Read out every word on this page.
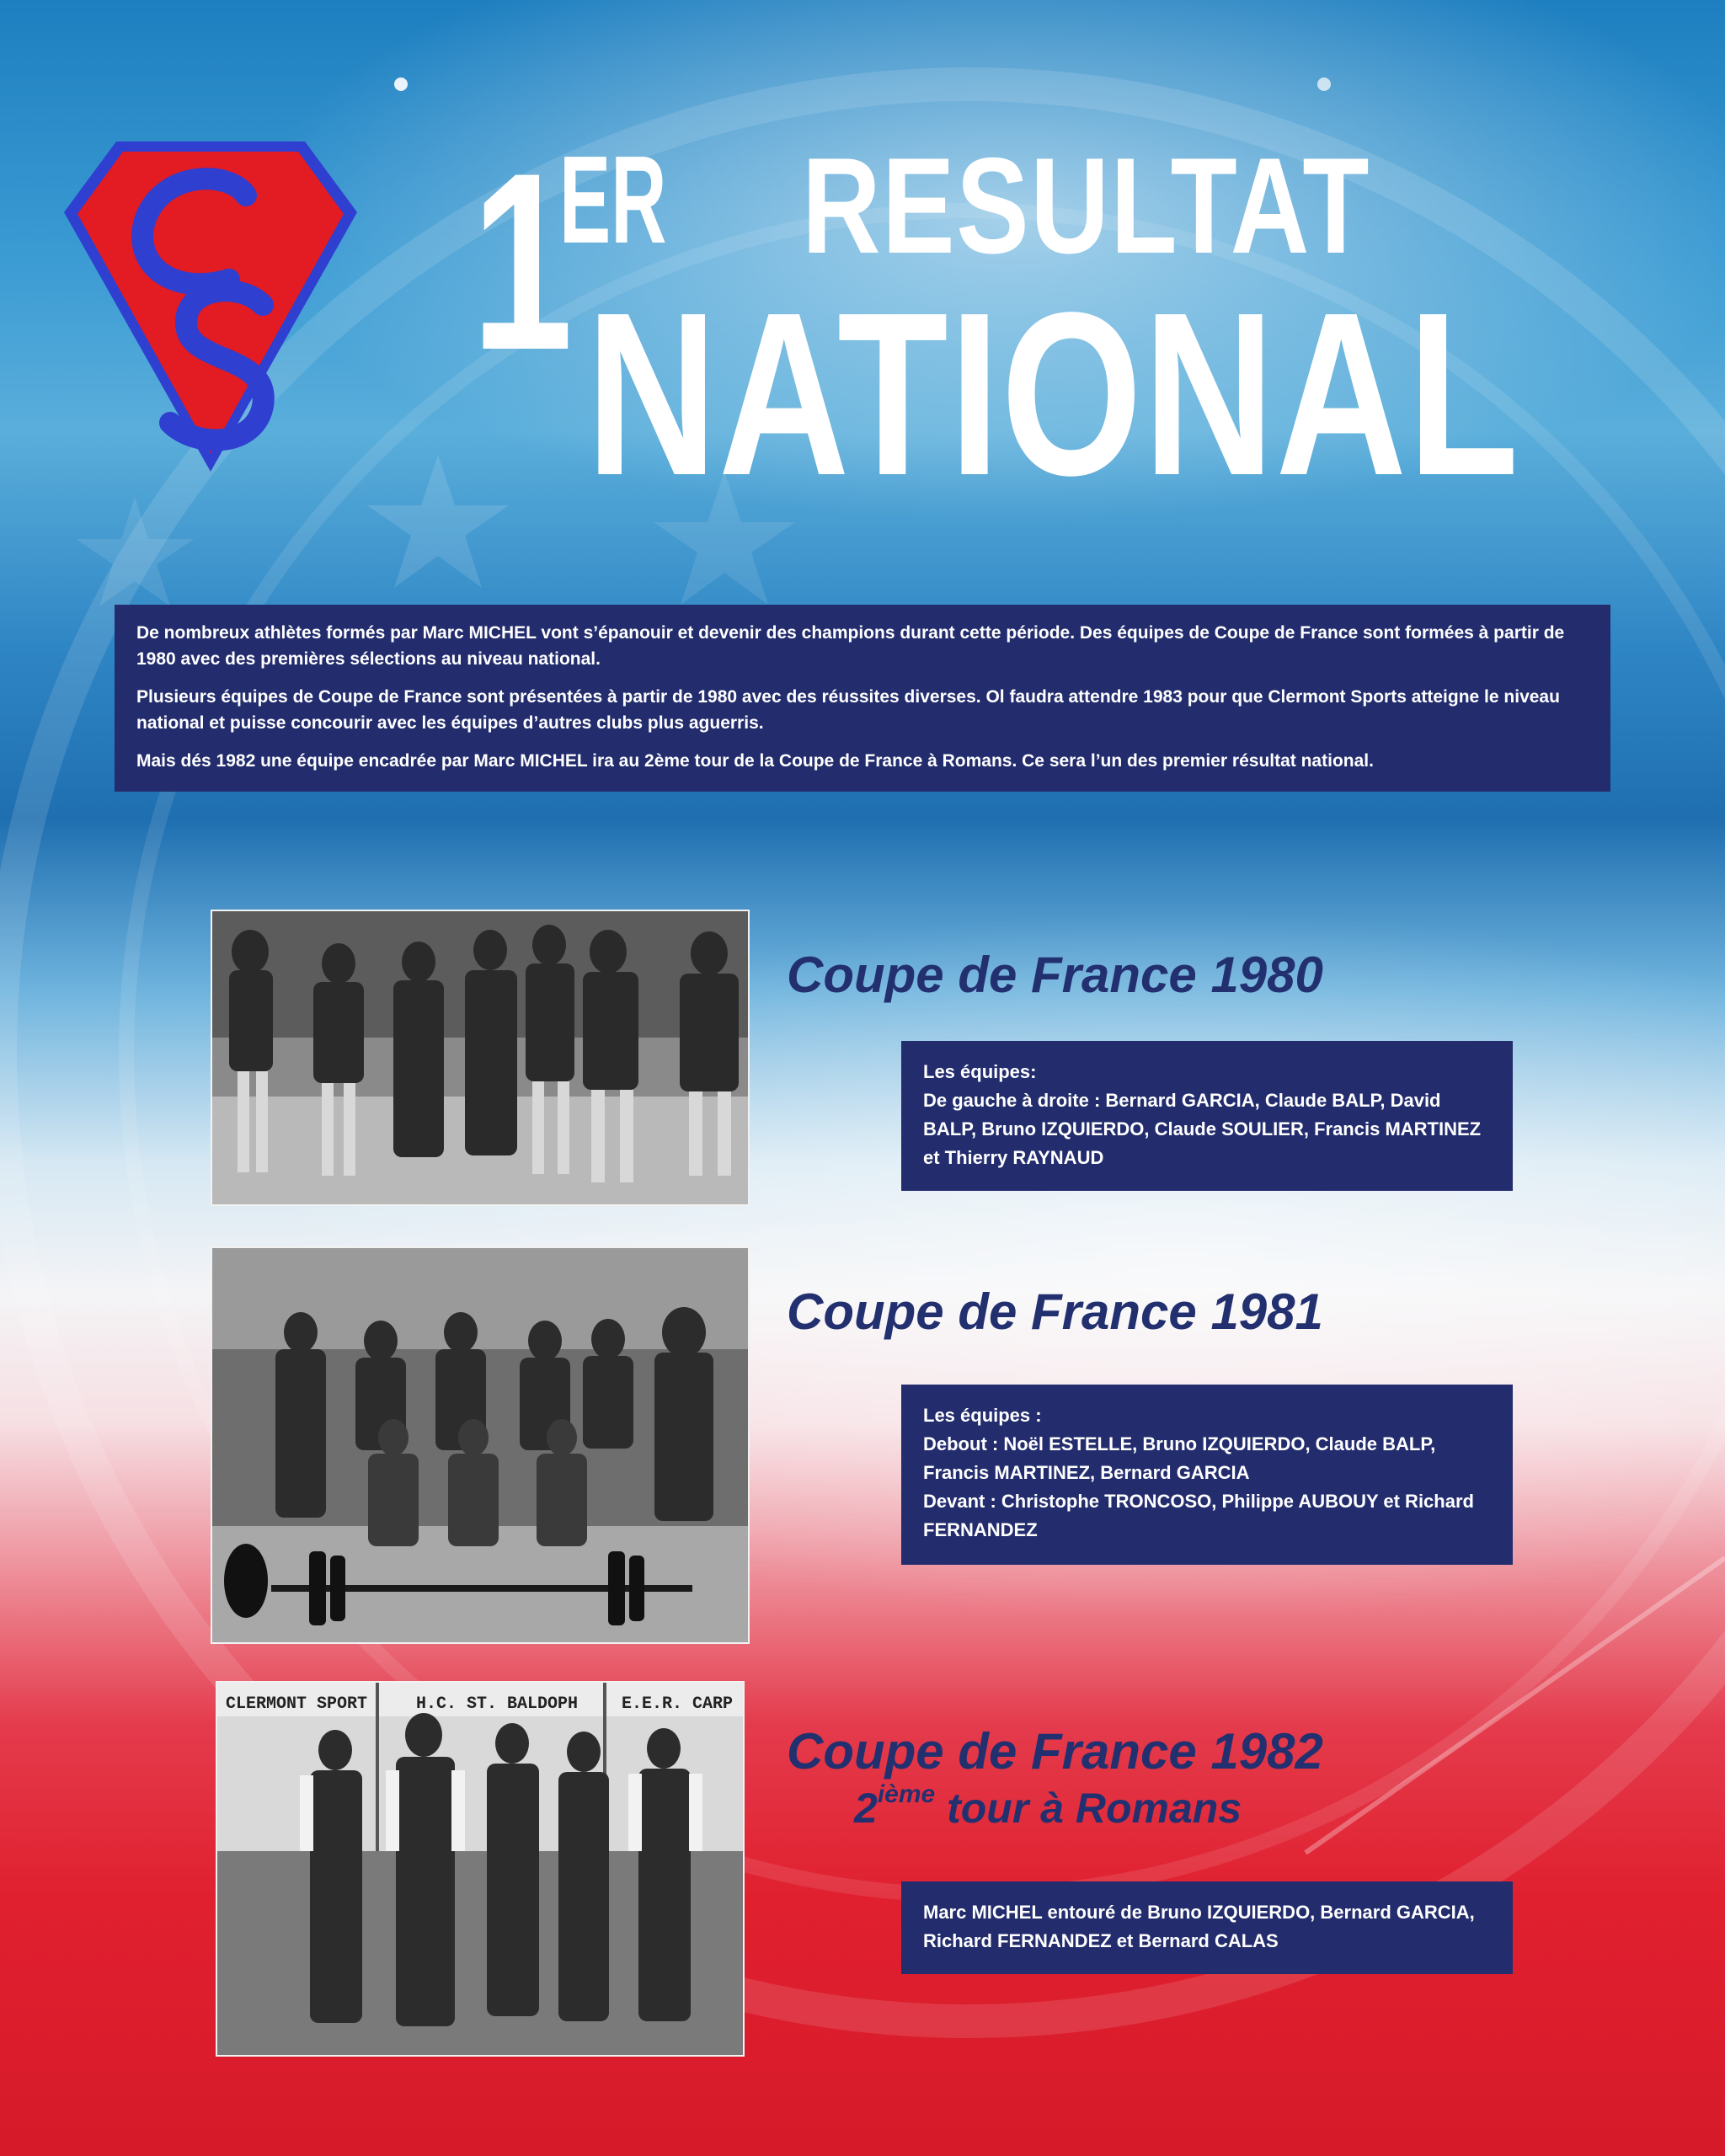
1
ER RESULTAT
NATIONAL

De nombreux athlètes formés par Marc MICHEL vont s’épanouir et devenir des champions durant cette période. Des équipes de Coupe de France sont formées à partir de 1980 avec des premières sélections au niveau national.

Plusieurs équipes de Coupe de France sont présentées à partir de 1980 avec des réussites diverses. Ol faudra attendre 1983 pour que Clermont Sports atteigne le niveau national et puisse concourir avec les équipes d’autres clubs plus aguerris.

Mais dés 1982 une équipe encadrée par Marc MICHEL ira au 2ème tour de la Coupe de France à Romans. Ce sera l’un des premier résultat national.

Coupe de France 1980
Les équipes:
De gauche à droite : Bernard GARCIA, Claude BALP, David BALP, Bruno IZQUIERDO, Claude SOULIER, Francis MARTINEZ et Thierry RAYNAUD
Coupe de France 1981
Les équipes :
Debout : Noël ESTELLE, Bruno IZQUIERDO, Claude BALP, Francis MARTINEZ, Bernard GARCIA
Devant : Christophe TRONCOSO, Philippe AUBOUY et Richard FERNANDEZ
CLERMONT SPORT	H.C. ST. BALDOPH	E.E.R. CARP
Coupe de France 1982
2ième tour à Romans
Marc MICHEL entouré de Bruno IZQUIERDO, Bernard GARCIA, Richard FERNANDEZ et Bernard CALAS
